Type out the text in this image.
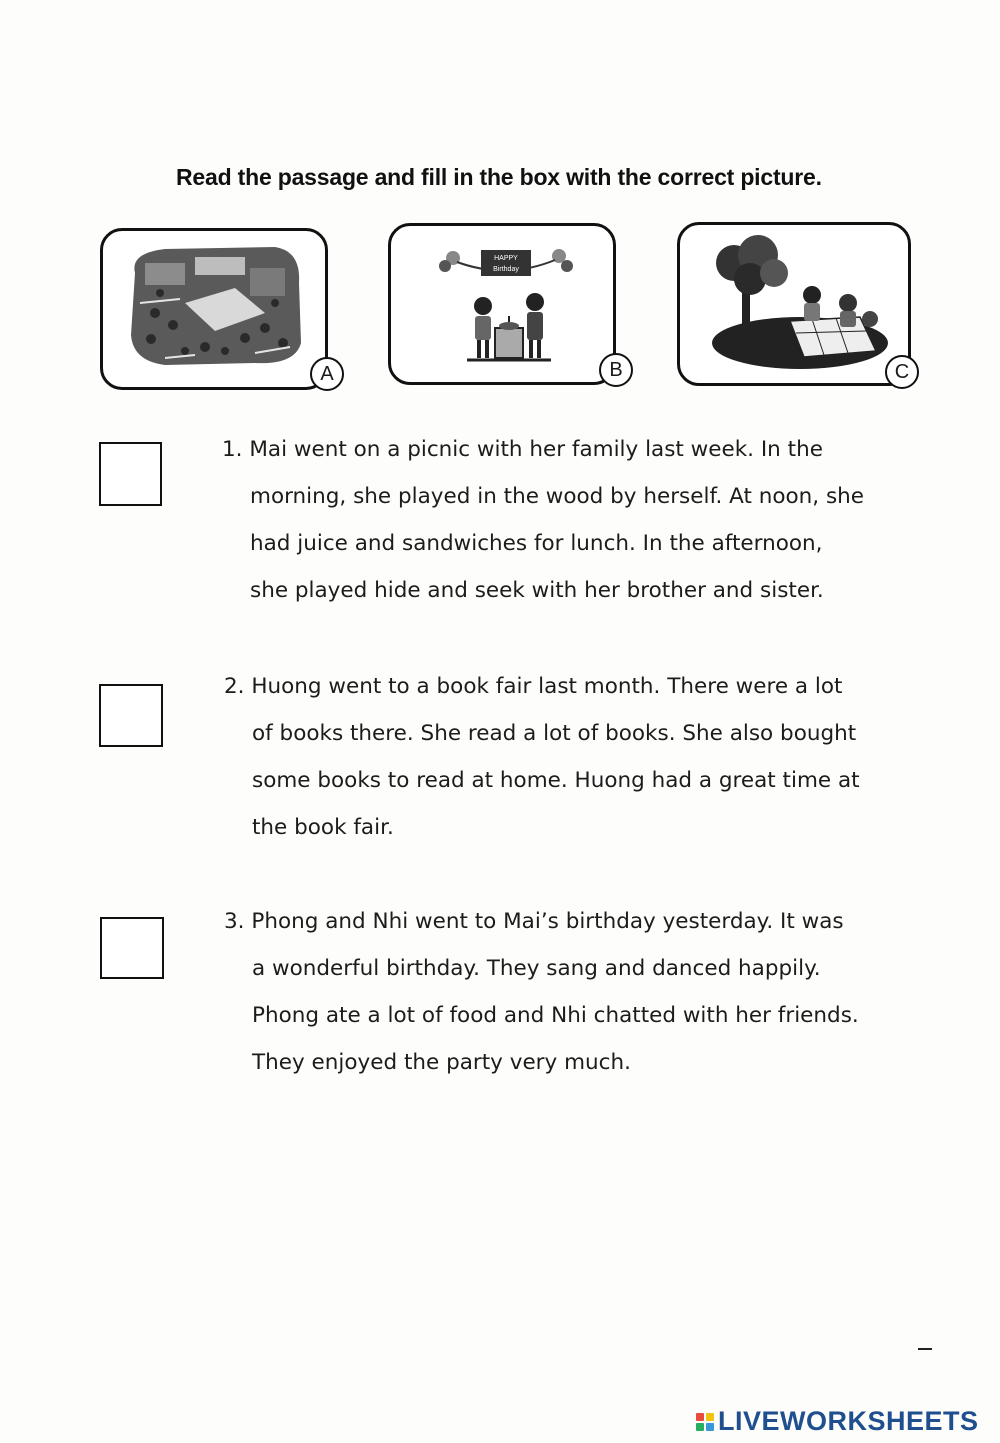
Read the passage and fill in the box with the correct picture.
A
HAPPY
Birthday
B	C
1. Mai went on a picnic with her family last week. In the
morning, she played in the wood by herself. At noon, she
had juice and sandwiches for lunch. In the afternoon,
she played hide and seek with her brother and sister.
2. Huong went to a book fair last month. There were a lot
of books there. She read a lot of books. She also bought
some books to read at home. Huong had a great time at
the book fair.
3. Phong and Nhi went to Mai’s birthday yesterday. It was
a wonderful birthday. They sang and danced happily.
Phong ate a lot of food and Nhi chatted with her friends.
They enjoyed the party very much.
LIVEWORKSHEETS
